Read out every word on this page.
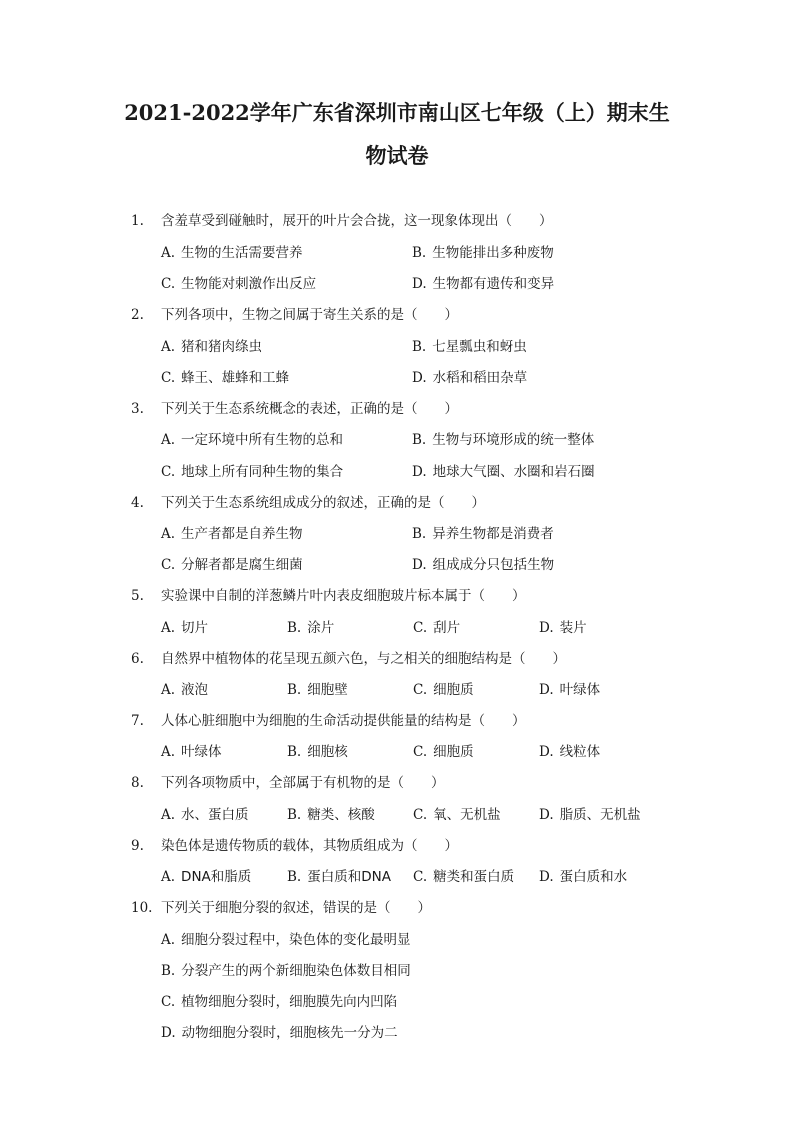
2021-2022学年广东省深圳市南山区七年级（上）期末生
物试卷
1.	含羞草受到碰触时，展开的叶片会合拢，这一现象体现出（　　）
A. 生物的生活需要营养	B. 生物能排出多种废物
C. 生物能对刺激作出反应	D. 生物都有遗传和变异
2.	下列各项中，生物之间属于寄生关系的是（　　）
A. 猪和猪肉绦虫	B. 七星瓢虫和蚜虫
C. 蜂王、雄蜂和工蜂	D. 水稻和稻田杂草
3.	下列关于生态系统概念的表述，正确的是（　　）
A. 一定环境中所有生物的总和	B. 生物与环境形成的统一整体
C. 地球上所有同种生物的集合	D. 地球大气圈、水圈和岩石圈
4.	下列关于生态系统组成成分的叙述，正确的是（　　）
A. 生产者都是自养生物	B. 异养生物都是消费者
C. 分解者都是腐生细菌	D. 组成成分只包括生物
5.	实验课中自制的洋葱鳞片叶内表皮细胞玻片标本属于（　　）
A. 切片	B. 涂片	C. 刮片	D. 装片
6.	自然界中植物体的花呈现五颜六色，与之相关的细胞结构是（　　）
A. 液泡	B. 细胞壁	C. 细胞质	D. 叶绿体
7.	人体心脏细胞中为细胞的生命活动提供能量的结构是（　　）
A. 叶绿体	B. 细胞核	C. 细胞质	D. 线粒体
8.	下列各项物质中，全部属于有机物的是（　　）
A. 水、蛋白质	B. 糖类、核酸	C. 氧、无机盐	D. 脂质、无机盐
9.	染色体是遗传物质的载体，其物质组成为（　　）
A. DNA和脂质	B. 蛋白质和DNA C. 糖类和蛋白质 D. 蛋白质和水
10. 下列关于细胞分裂的叙述，错误的是（　　）
A. 细胞分裂过程中，染色体的变化最明显
B. 分裂产生的两个新细胞染色体数目相同
C. 植物细胞分裂时，细胞膜先向内凹陷
D. 动物细胞分裂时，细胞核先一分为二
